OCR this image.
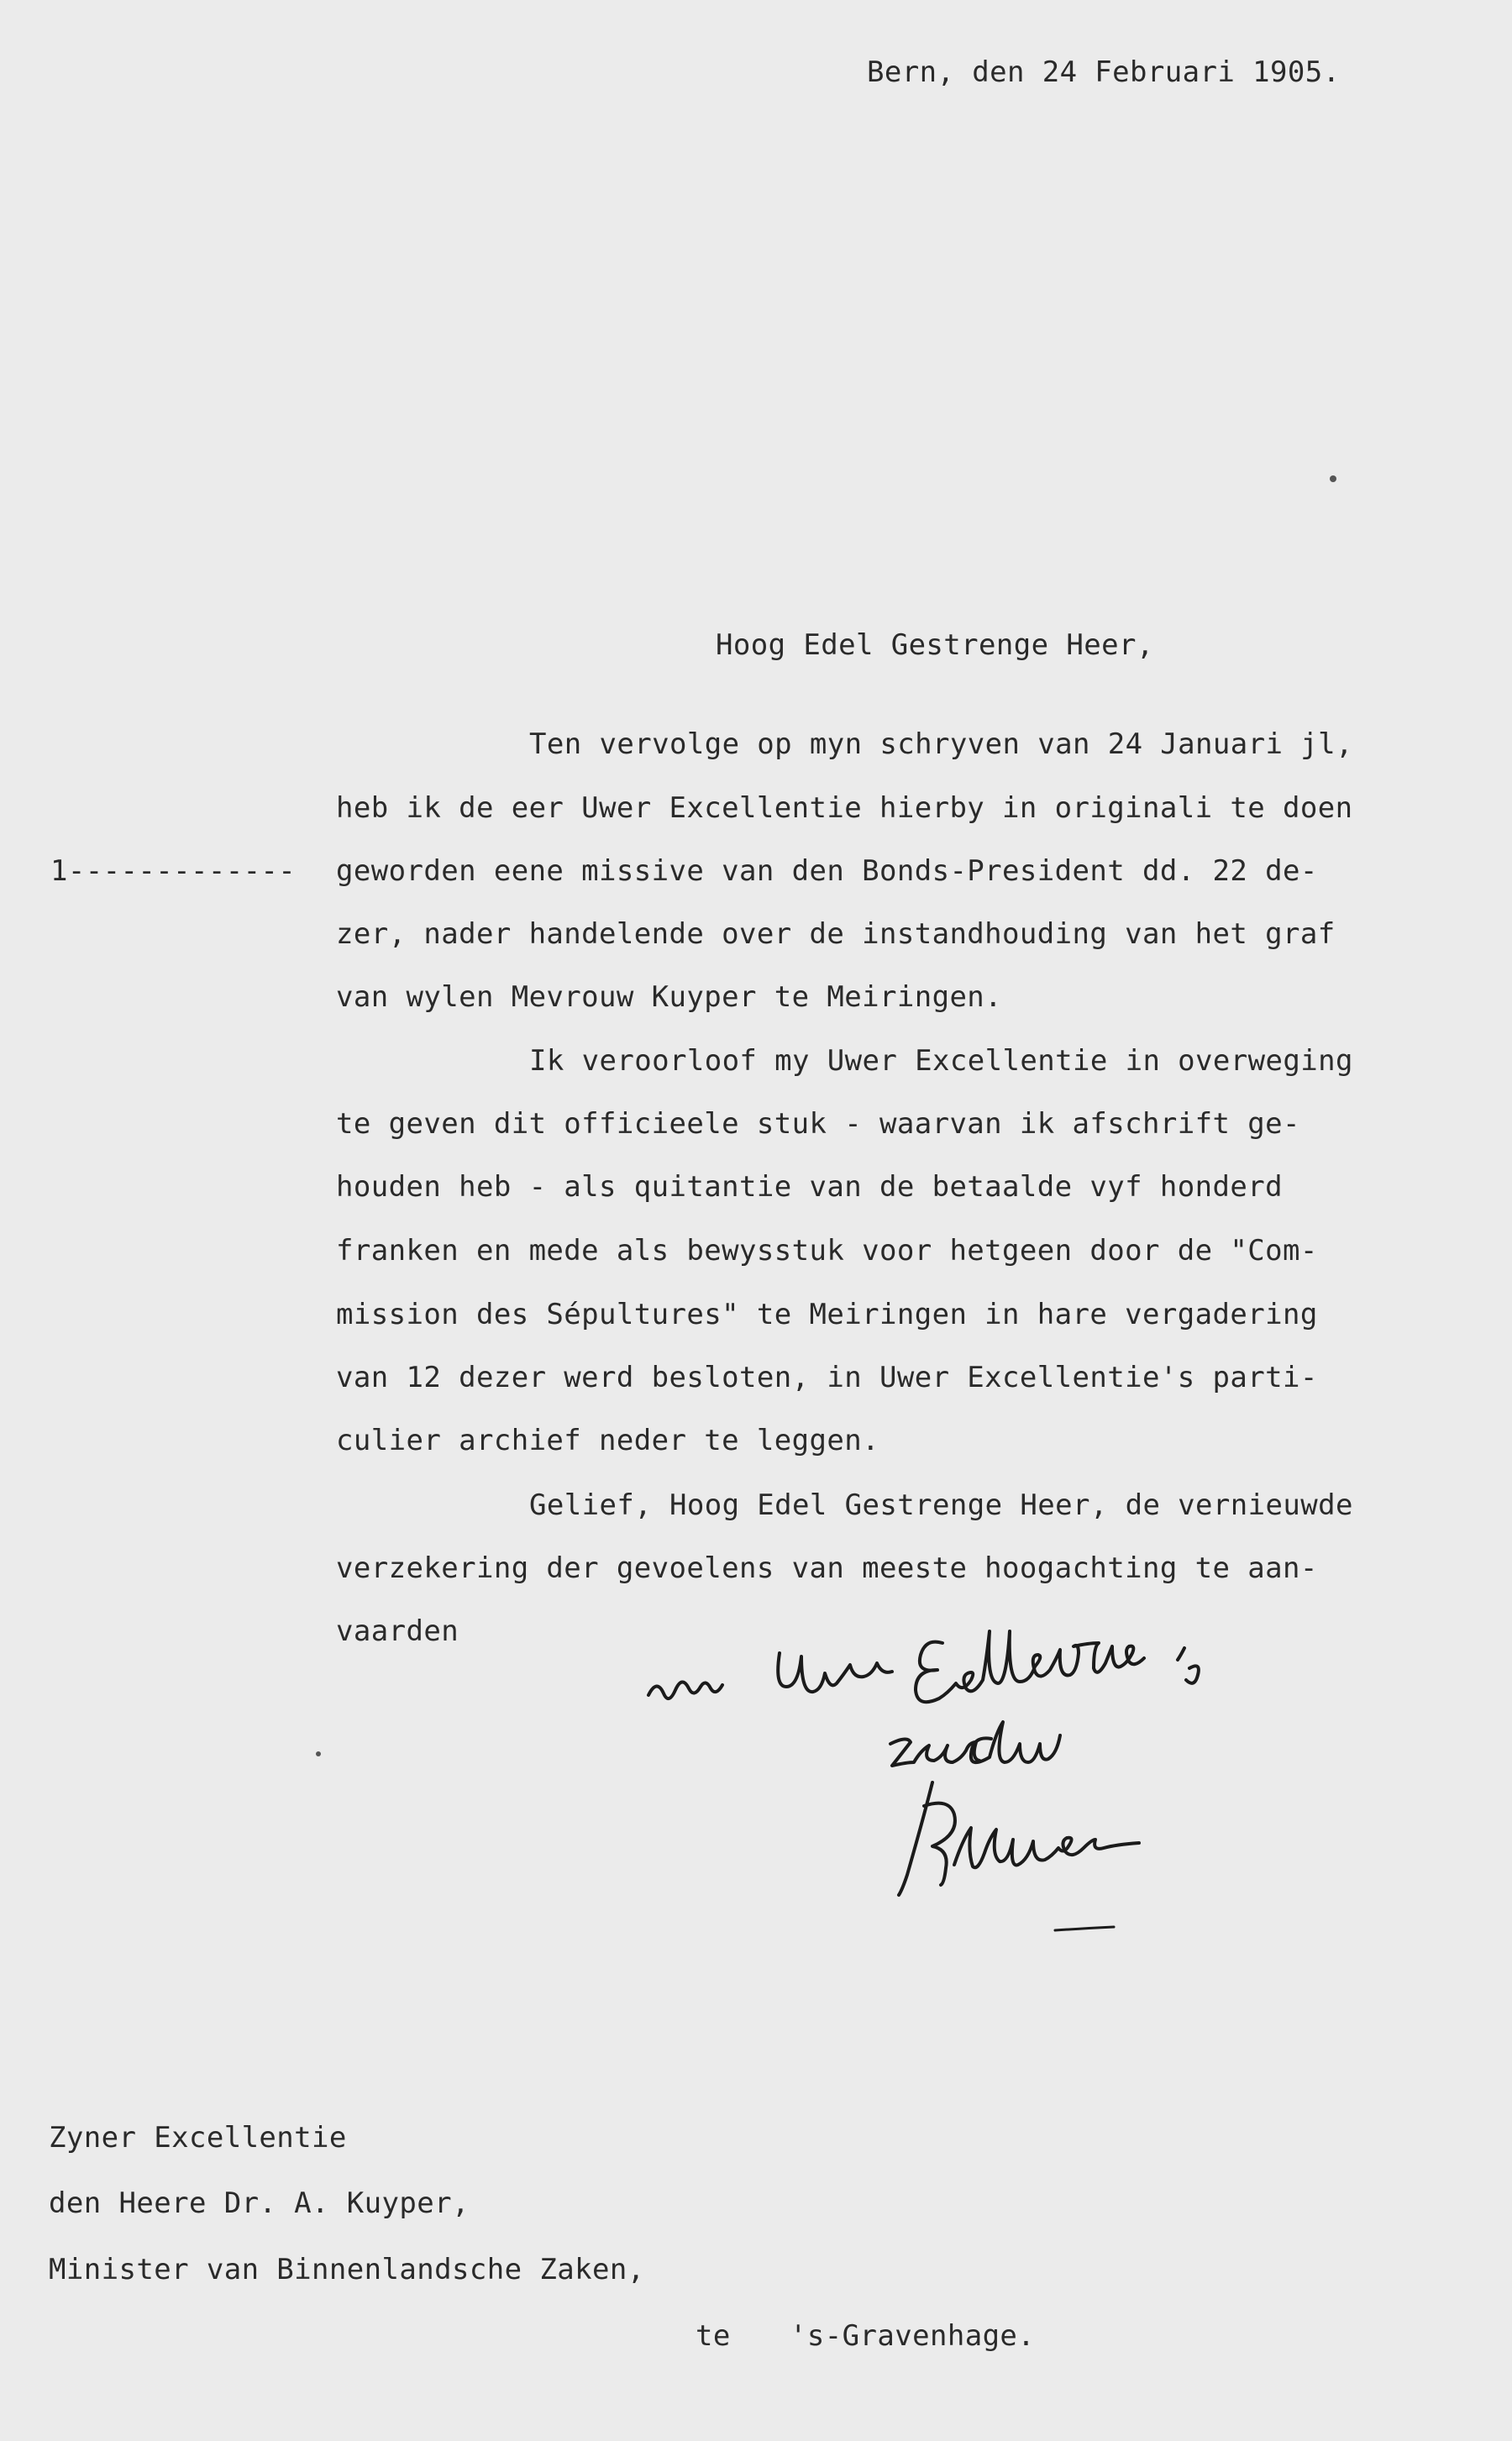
Bern, den 24 Februari 1905.
Hoog Edel Gestrenge Heer,
Ten vervolge op myn schryven van 24 Januari jl,
heb ik de eer Uwer Excellentie hierby in originali te doen
1------------- geworden eene missive van den Bonds-President dd. 22 de-
zer, nader handelende over de instandhouding van het graf
van wylen Mevrouw Kuyper te Meiringen.
Ik veroorloof my Uwer Excellentie in overweging
te geven dit officieele stuk - waarvan ik afschrift ge-
houden heb - als quitantie van de betaalde vyf honderd
franken en mede als bewysstuk voor hetgeen door de "Com-
mission des Sépultures" te Meiringen in hare vergadering
van 12 dezer werd besloten, in Uwer Excellentie's parti-
culier archief neder te leggen.
Gelief, Hoog Edel Gestrenge Heer, de vernieuwde
verzekering der gevoelens van meeste hoogachting te aan-
vaarden
Zyner Excellentie
den Heere Dr. A. Kuyper,
Minister van Binnenlandsche Zaken,
te 's-Gravenhage.
